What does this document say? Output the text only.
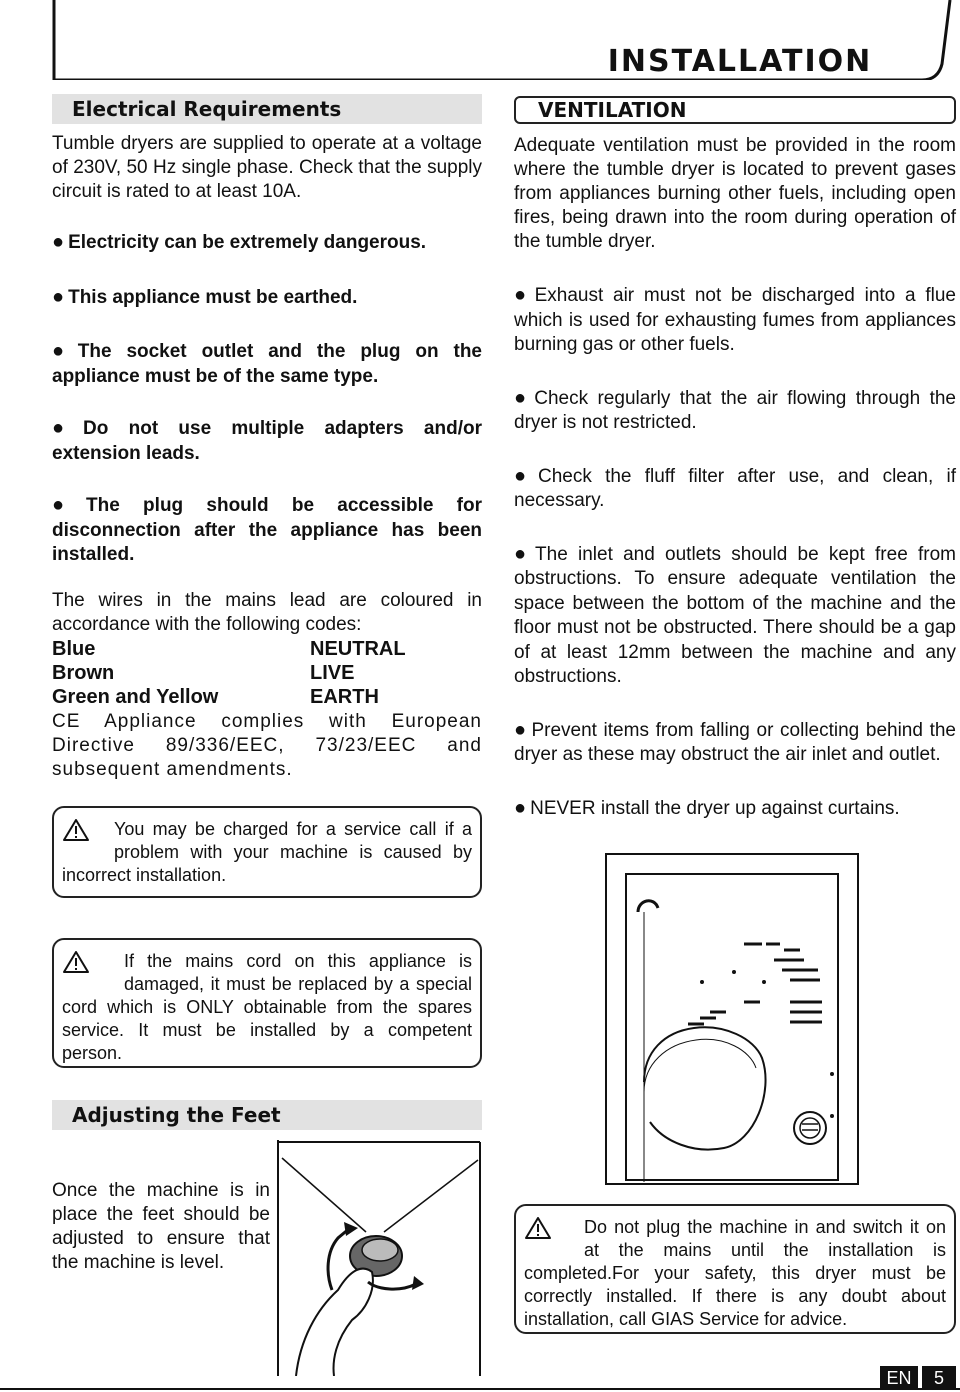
INSTALLATION
Electrical Requirements

Tumble dryers are supplied to operate at a voltage of 230V, 50 Hz single phase. Check that the supply circuit is rated to at least 10A.

● Electricity can be extremely dangerous.
● This appliance must be earthed.
● The socket outlet and the plug on the appliance must be of the same type.
● Do not use multiple adapters and/or extension leads.
● The plug should be accessible for disconnection after the appliance has been installed.

The wires in the mains lead are coloured in accordance with the following codes:

Blue	NEUTRAL
Brown	LIVE
Green and Yellow	EARTH

CE Appliance complies with European Directive 89/336/EEC, 73/23/EEC and subsequent amendments.

You may be charged for a service call if a problem with your machine is caused by incorrect installation.
If the mains cord on this appliance is damaged, it must be replaced by a special cord which is ONLY obtainable from the spares service. It must be installed by a competent person.
Adjusting the Feet

Once the machine is in place the feet should be adjusted to ensure that the machine is level.

VENTILATION

Adequate ventilation must be provided in the room where the tumble dryer is located to prevent gases from appliances burning other fuels, including open fires, being drawn into the room during operation of the tumble dryer.

● Exhaust air must not be discharged into a flue which is used for exhausting fumes from appliances burning gas or other fuels.
● Check regularly that the air flowing through the dryer is not restricted.
● Check the fluff filter after use, and clean, if necessary.
● The inlet and outlets should be kept free from obstructions. To ensure adequate ventilation the space between the bottom of the machine and the floor must not be obstructed. There should be a gap of at least 12mm between the machine and any obstructions.
● Prevent items from falling or collecting behind the dryer as these may obstruct the air inlet and outlet.
● NEVER install the dryer up against curtains.
Do not plug the machine in and switch it on at the mains until the installation is completed.For your safety, this dryer must be correctly installed. If there is any doubt about installation, call GIAS Service for advice.
EN	5
